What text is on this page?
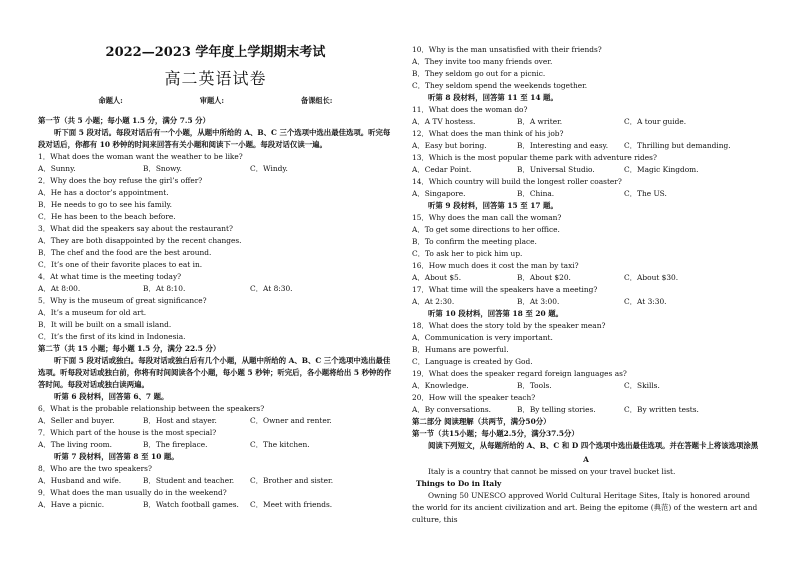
2022—2023 学年度上学期期末考试
高二英语试卷
命题人:	审题人:	备课组长:

第一节（共 5 小题；每小题 1.5 分，满分 7.5 分）

听下面 5 段对话。每段对话后有一个小题，从题中所给的 A、B、C 三个选项中选出最佳选项。听完每段对话后，你都有 10 秒钟的时间来回答有关小题和阅读下一小题。每段对话仅读一遍。

1．What does the woman want the weather to be like?

A．Sunny.	B．Snowy.	C．Windy.

2．Why does the boy refuse the girl’s offer?

A．He has a doctor’s appointment.

B．He needs to go to see his family.

C．He has been to the beach before.

3．What did the speakers say about the restaurant?

A．They are both disappointed by the recent changes.

B．The chef and the food are the best around.

C．It’s one of their favorite places to eat in.

4．At what time is the meeting today?

A．At 8:00.	B．At 8:10.	C．At 8:30.

5．Why is the museum of great significance?

A．It’s a museum for old art.

B．It will be built on a small island.

C．It’s the first of its kind in Indonesia.

第二节（共 15 小题；每小题 1.5 分，满分 22.5 分）

听下面 5 段对话或独白。每段对话或独白后有几个小题，从题中所给的 A、B、C 三个选项中选出最佳选项。听每段对话或独白前，你将有时间阅读各个小题，每小题 5 秒钟；听完后，各小题将给出 5 秒钟的作答时间。每段对话或独白读两遍。

听第 6 段材料，回答第 6、7 题。

6．What is the probable relationship between the speakers?

A．Seller and buyer.	B．Host and stayer.	C．Owner and renter.

7．Which part of the house is the most special?

A．The living room.	B．The fireplace.	C．The kitchen.

听第 7 段材料，回答第 8 至 10 题。

8．Who are the two speakers?

A．Husband and wife.	B．Student and teacher.	C．Brother and sister.

9．What does the man usually do in the weekend?

A．Have a picnic.	B．Watch football games.	C．Meet with friends.

10．Why is the man unsatisfied with their friends?

A．They invite too many friends over.

B．They seldom go out for a picnic.

C．They seldom spend the weekends together.

听第 8 段材料，回答第 11 至 14 题。

11．What does the woman do?

A．A TV hostess.	B．A writer.	C．A tour guide.

12．What does the man think of his job?

A．Easy but boring.	B．Interesting and easy.	C．Thrilling but demanding.

13．Which is the most popular theme park with adventure rides?

A．Cedar Point.	B．Universal Studio.	C．Magic Kingdom.

14．Which country will build the longest roller coaster?

A．Singapore.	B．China.	C．The US.

听第 9 段材料，回答第 15 至 17 题。

15．Why does the man call the woman?

A．To get some directions to her office.

B．To confirm the meeting place.

C．To ask her to pick him up.

16．How much does it cost the man by taxi?

A．About $5.	B．About $20.	C．About $30.

17．What time will the speakers have a meeting?

A．At 2:30.	B．At 3:00.	C．At 3:30.

听第 10 段材料，回答第 18 至 20 题。

18．What does the story told by the speaker mean?

A．Communication is very important.

B．Humans are powerful.

C．Language is created by God.

19．What does the speaker regard foreign languages as?

A．Knowledge.	B．Tools.	C．Skills.

20．How will the speaker teach?

A．By conversations.	B．By telling stories.	C．By written tests.

第二部分 阅读理解（共两节，满分50分）

第一节（共15小题；每小题2.5分，满分37.5分）

阅读下列短文，从每题所给的 A、B、C 和 D 四个选项中选出最佳选项。并在答题卡上将该选项涂黑

A

Italy is a country that cannot be missed on your travel bucket list.

Things to Do in Italy

Owning 50 UNESCO approved World Cultural Heritage Sites, Italy is honored around the world for its ancient civilization and art. Being the epitome (典范) of the western art and culture, this
